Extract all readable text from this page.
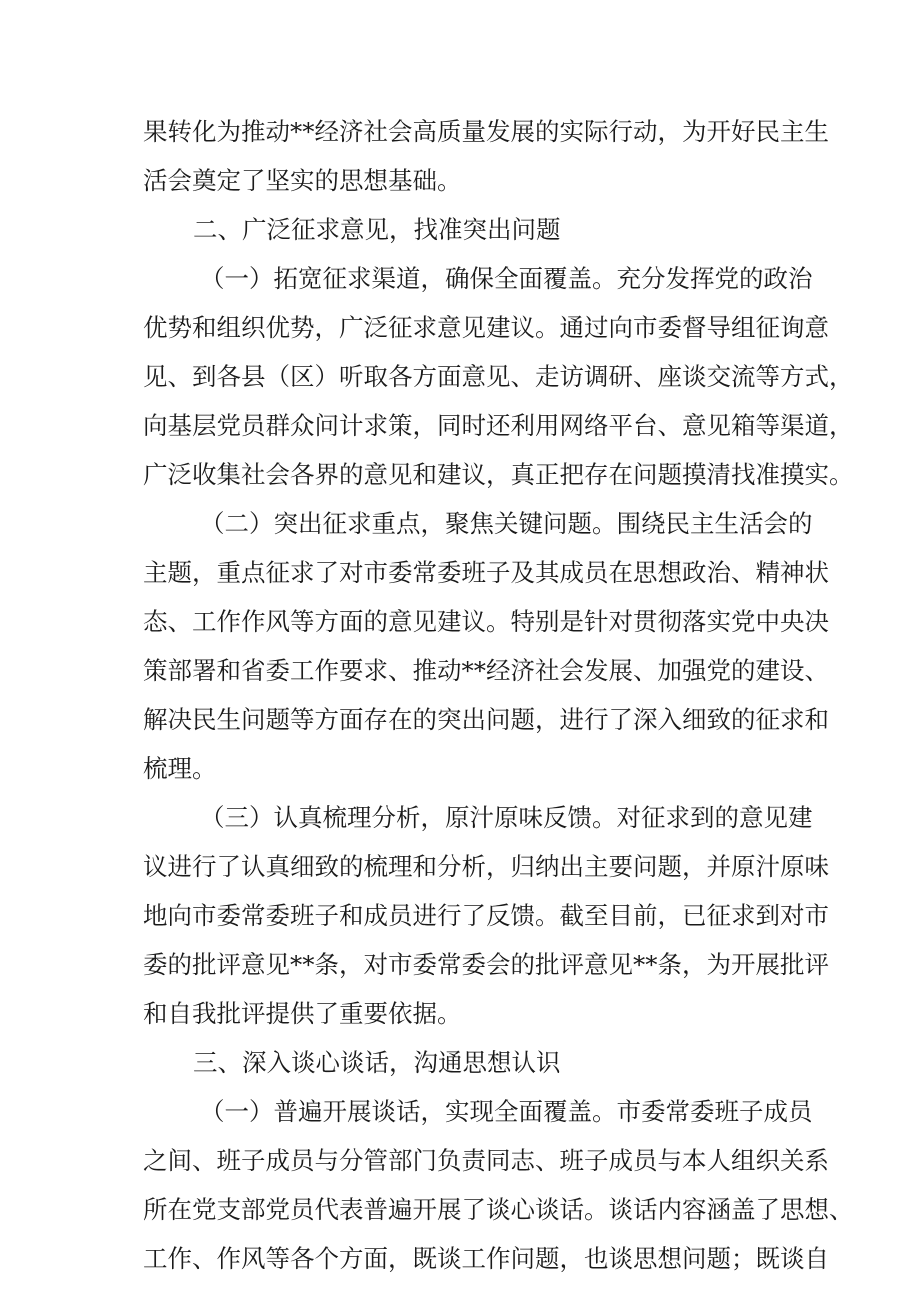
果转化为推动**经济社会高质量发展的实际行动，为开好民主生
活会奠定了坚实的思想基础。
二、广泛征求意见，找准突出问题
（一）拓宽征求渠道，确保全面覆盖。充分发挥党的政治
优势和组织优势，广泛征求意见建议。通过向市委督导组征询意
见、到各县（区）听取各方面意见、走访调研、座谈交流等方式，
向基层党员群众问计求策，同时还利用网络平台、意见箱等渠道，
广泛收集社会各界的意见和建议，真正把存在问题摸清找准摸实。
（二）突出征求重点，聚焦关键问题。围绕民主生活会的
主题，重点征求了对市委常委班子及其成员在思想政治、精神状
态、工作作风等方面的意见建议。特别是针对贯彻落实党中央决
策部署和省委工作要求、推动**经济社会发展、加强党的建设、
解决民生问题等方面存在的突出问题，进行了深入细致的征求和
梳理。
（三）认真梳理分析，原汁原味反馈。对征求到的意见建
议进行了认真细致的梳理和分析，归纳出主要问题，并原汁原味
地向市委常委班子和成员进行了反馈。截至目前，已征求到对市
委的批评意见**条，对市委常委会的批评意见**条，为开展批评
和自我批评提供了重要依据。
三、深入谈心谈话，沟通思想认识
（一）普遍开展谈话，实现全面覆盖。市委常委班子成员
之间、班子成员与分管部门负责同志、班子成员与本人组织关系
所在党支部党员代表普遍开展了谈心谈话。谈话内容涵盖了思想、
工作、作风等各个方面，既谈工作问题，也谈思想问题；既谈自
